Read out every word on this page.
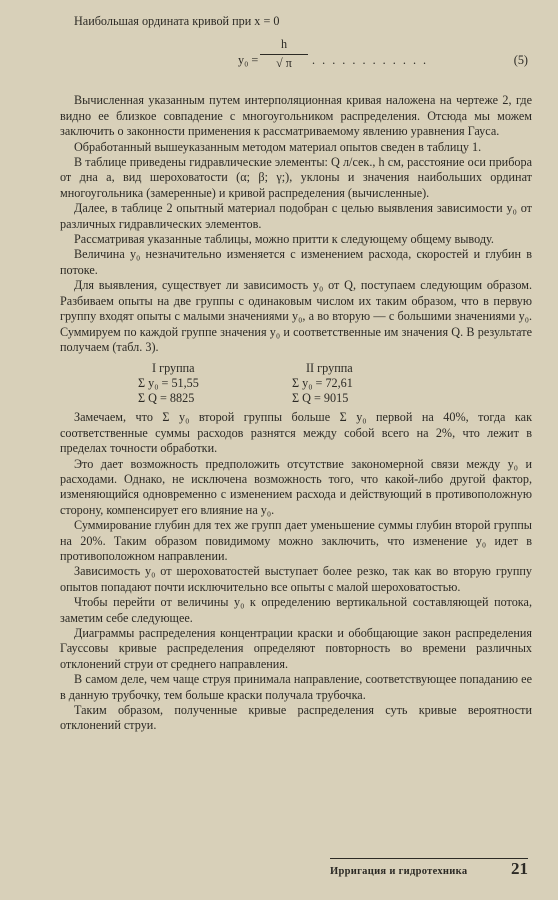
Наибольшая ордината кривой при x = 0

$y_0 = \frac{h}{√ \pi}$ . . . . . . . . . . . .	(5)

Вычисленная указанным путем интерполяционная кривая наложена на чертеже 2, где видно ее близкое совпадение с многоугольником распределения. Отсюда мы можем заключить о законности применения к рассматриваемому явлению уравнения Гауса.

Обработанный вышеуказанным методом материал опытов сведен в таблицу 1.

В таблице приведены гидравлические элементы: Q л/сек., h см, расстояние оси прибора от дна a, вид шероховатости (α; β; γ;), уклоны и значения наибольших ординат многоугольника (замеренные) и кривой распределения (вычисленные).

Далее, в таблице 2 опытный материал подобран с целью выявления зависимости y₀ от различных гидравлических элементов.

Рассматривая указанные таблицы, можно притти к следующему общему выводу.

Величина y₀ незначительно изменяется с изменением расхода, скоростей и глубин в потоке.

Для выявления, существует ли зависимость y₀ от Q, поступаем следующим образом. Разбиваем опыты на две группы с одинаковым числом их таким образом, что в первую группу входят опыты с малыми значениями y₀, а во вторую — с большими значениями y₀. Суммируем по каждой группе значения y₀ и соответственные им значения Q. В результате получаем (табл. 3).

I группа
Σ y₀ = 51,55
Σ Q = 8825
II группа
Σ y₀ = 72,61
Σ Q = 9015

Замечаем, что Σ y₀ второй группы больше Σ y₀ первой на 40%, тогда как соответственные суммы расходов разнятся между собой всего на 2%, что лежит в пределах точности обработки.

Это дает возможность предположить отсутствие закономерной связи между y₀ и расходами. Однако, не исключена возможность того, что какой-либо другой фактор, изменяющийся одновременно с изменением расхода и действующий в противоположную сторону, компенсирует его влияние на y₀.

Суммирование глубин для тех же групп дает уменьшение суммы глубин второй группы на 20%. Таким образом повидимому можно заключить, что изменение y₀ идет в противоположном направлении.

Зависимость y₀ от шероховатостей выступает более резко, так как во вторую группу опытов попадают почти исключительно все опыты с малой шероховатостью.

Чтобы перейти от величины y₀ к определению вертикальной составляющей потока, заметим себе следующее.

Диаграммы распределения концентрации краски и обобщающие закон распределения Гауссовы кривые распределения определяют повторность во времени различных отклонений струи от среднего направления.

В самом деле, чем чаще струя принимала направление, соответствующее попаданию ее в данную трубочку, тем больше краски получала трубочка.

Таким образом, полученные кривые распределения суть кривые вероятности отклонений струи.

Ирригация и гидротехника	21
